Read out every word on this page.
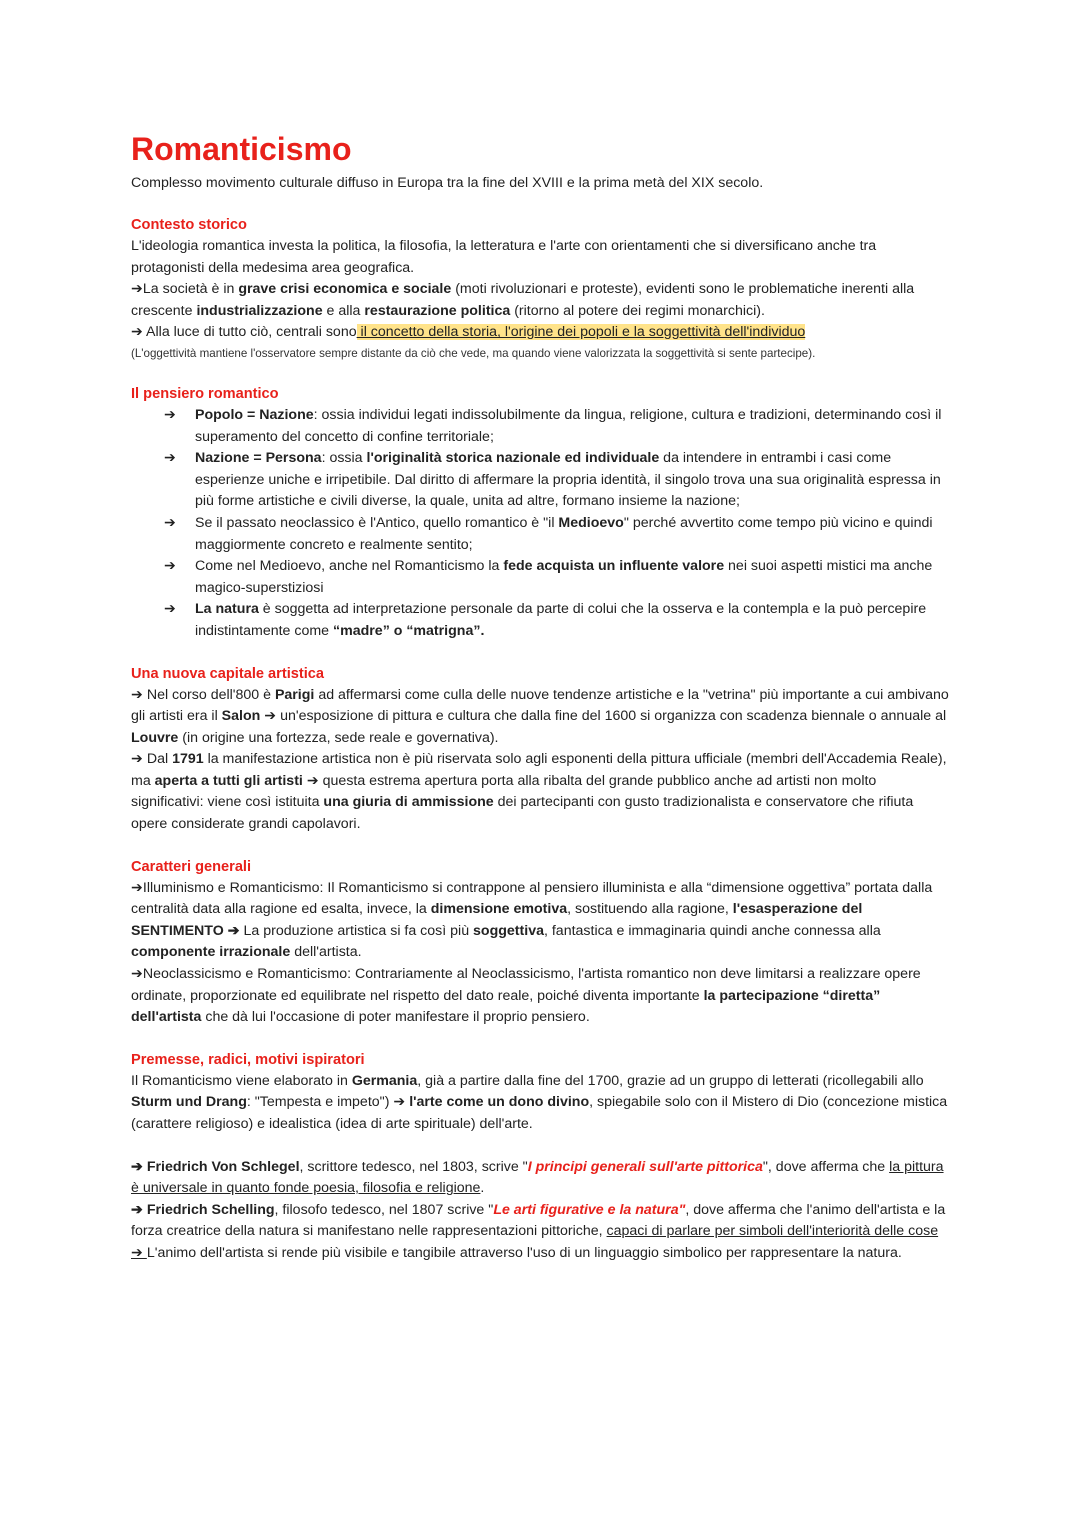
Romanticismo

Complesso movimento culturale diffuso in Europa tra la fine del XVIII e la prima metà del XIX secolo.

Contesto storico

L'ideologia romantica investa la politica, la filosofia, la letteratura e l'arte con orientamenti che si diversificano anche tra protagonisti della medesima area geografica.

➔La società è in grave crisi economica e sociale (moti rivoluzionari e proteste), evidenti sono le problematiche inerenti alla crescente industrializzazione e alla restaurazione politica (ritorno al potere dei regimi monarchici).

➔ Alla luce di tutto ciò, centrali sono il concetto della storia, l'origine dei popoli e la soggettività dell'individuo

(L'oggettività mantiene l'osservatore sempre distante da ciò che vede, ma quando viene valorizzata la soggettività si sente partecipe).

Il pensiero romantico
➔ Popolo = Nazione: ossia individui legati indissolubilmente da lingua, religione, cultura e tradizioni, determinando così il superamento del concetto di confine territoriale;
➔ Nazione = Persona: ossia l'originalità storica nazionale ed individuale da intendere in entrambi i casi come esperienze uniche e irripetibile. Dal diritto di affermare la propria identità, il singolo trova una sua originalità espressa in più forme artistiche e civili diverse, la quale, unita ad altre, formano insieme la nazione;
➔ Se il passato neoclassico è l'Antico, quello romantico è "il Medioevo" perché avvertito come tempo più vicino e quindi maggiormente concreto e realmente sentito;
➔ Come nel Medioevo, anche nel Romanticismo la fede acquista un influente valore nei suoi aspetti mistici ma anche magico-superstiziosi
➔ La natura è soggetta ad interpretazione personale da parte di colui che la osserva e la contempla e la può percepire indistintamente come “madre” o “matrigna”.
Una nuova capitale artistica

➔ Nel corso dell'800 è Parigi ad affermarsi come culla delle nuove tendenze artistiche e la "vetrina" più importante a cui ambivano gli artisti era il Salon ➔ un'esposizione di pittura e cultura che dalla fine del 1600 si organizza con scadenza biennale o annuale al Louvre (in origine una fortezza, sede reale e governativa).

➔ Dal 1791 la manifestazione artistica non è più riservata solo agli esponenti della pittura ufficiale (membri dell'Accademia Reale), ma aperta a tutti gli artisti ➔ questa estrema apertura porta alla ribalta del grande pubblico anche ad artisti non molto significativi: viene così istituita una giuria di ammissione dei partecipanti con gusto tradizionalista e conservatore che rifiuta opere considerate grandi capolavori.

Caratteri generali

➔Illuminismo e Romanticismo: Il Romanticismo si contrappone al pensiero illuminista e alla “dimensione oggettiva” portata dalla centralità data alla ragione ed esalta, invece, la dimensione emotiva, sostituendo alla ragione, l'esasperazione del SENTIMENTO ➔ La produzione artistica si fa così più soggettiva, fantastica e immaginaria quindi anche connessa alla componente irrazionale dell'artista.

➔Neoclassicismo e Romanticismo: Contrariamente al Neoclassicismo, l'artista romantico non deve limitarsi a realizzare opere ordinate, proporzionate ed equilibrate nel rispetto del dato reale, poiché diventa importante la partecipazione “diretta” dell'artista che dà lui l'occasione di poter manifestare il proprio pensiero.

Premesse, radici, motivi ispiratori

Il Romanticismo viene elaborato in Germania, già a partire dalla fine del 1700, grazie ad un gruppo di letterati (ricollegabili allo Sturm und Drang: "Tempesta e impeto") ➔ l'arte come un dono divino, spiegabile solo con il Mistero di Dio (concezione mistica (carattere religioso) e idealistica (idea di arte spirituale) dell'arte.

➔ Friedrich Von Schlegel, scrittore tedesco, nel 1803, scrive "I principi generali sull'arte pittorica", dove afferma che la pittura è universale in quanto fonde poesia, filosofia e religione.

➔ Friedrich Schelling, filosofo tedesco, nel 1807 scrive "Le arti figurative e la natura", dove afferma che l'animo dell'artista e la forza creatrice della natura si manifestano nelle rappresentazioni pittoriche, capaci di parlare per simboli dell'interiorità delle cose ➔ L'animo dell'artista si rende più visibile e tangibile attraverso l'uso di un linguaggio simbolico per rappresentare la natura.
